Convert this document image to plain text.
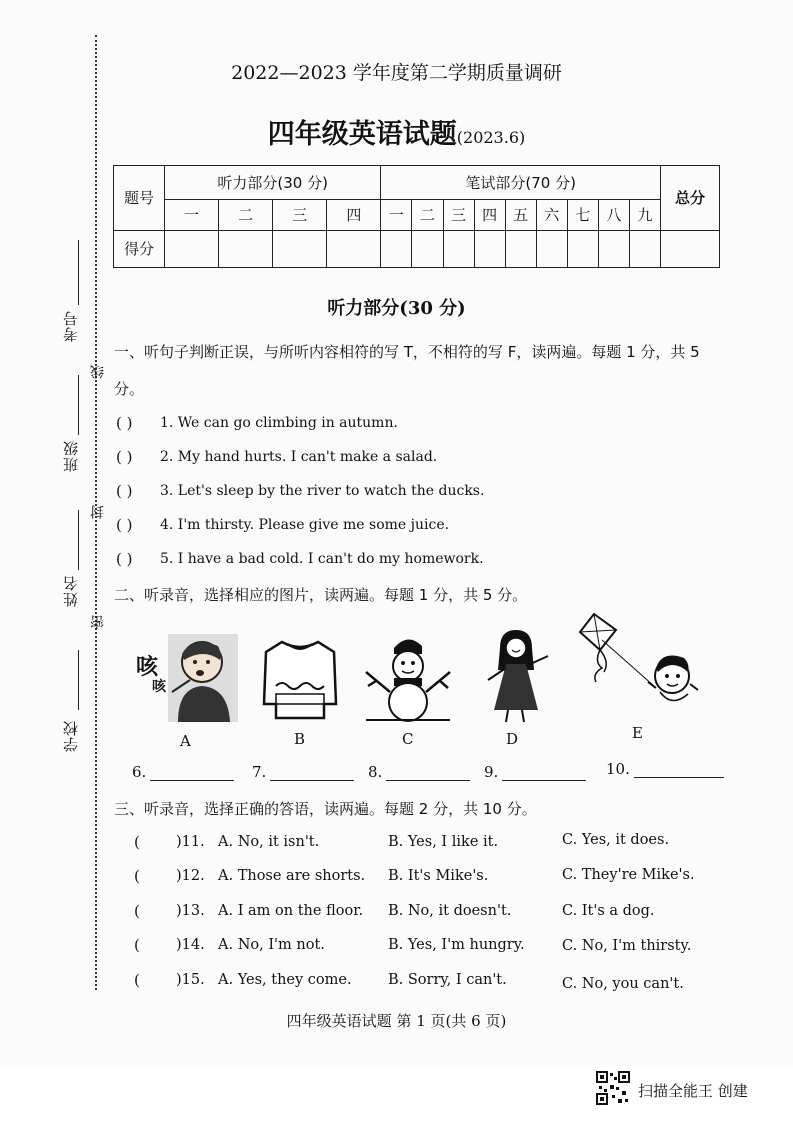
学校
姓名
班级
考号
密
封
线
2022—2023 学年度第二学期质量调研
四年级英语试题(2023.6)
题号	听力部分(30 分)				笔试部分(70 分)									总分
	一	二	三	四	一	二	三	四	五	六	七	八	九	
得分														
听力部分(30 分)
一、听句子判断正误，与所听内容相符的写 T，不相符的写 F，读两遍。每题 1 分，共 5
分。
( ) 1. We can go climbing in autumn.
( ) 2. My hand hurts. I can't make a salad.
( ) 3. Let's sleep by the river to watch the ducks.
( ) 4. I'm thirsty. Please give me some juice.
( ) 5. I have a bad cold. I can't do my homework.
二、听录音，选择相应的图片，读两遍。每题 1 分，共 5 分。
咳
咳
A	B	C	D	E
6.	7.	8.	9.	10.
三、听录音，选择正确的答语，读两遍。每题 2 分，共 10 分。
( )11. A. No, it isn't.	B. Yes, I like it.	C. Yes, it does.
( )12. A. Those are shorts. B. It's Mike's.	C. They're Mike's.
( )13. A. I am on the floor. B. No, it doesn't.	C. It's a dog.
( )14. A. No, I'm not.	B. Yes, I'm hungry.	C. No, I'm thirsty.
( )15. A. Yes, they come.	B. Sorry, I can't.	C. No, you can't.
四年级英语试题 第 1 页(共 6 页)
扫描全能王 创建
